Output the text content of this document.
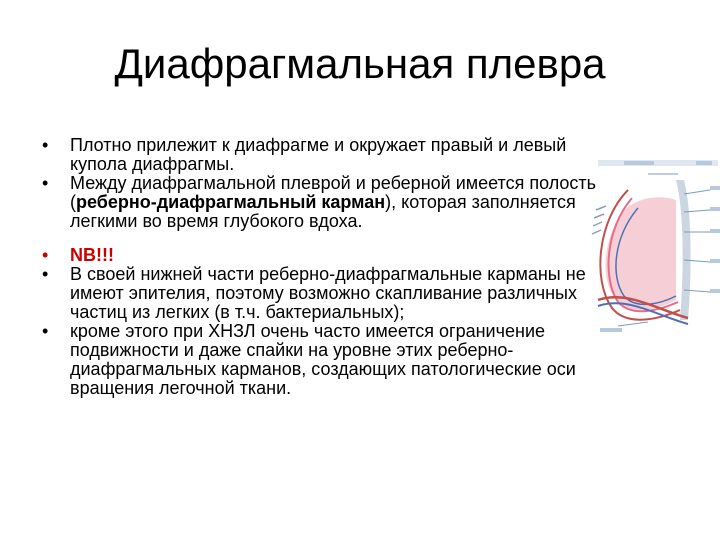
Диафрагмальная плевра
• Плотно прилежит к диафрагме и окружает правый и левый купола диафрагмы.
• Между диафрагмальной плеврой и реберной имеется полость (реберно-диафрагмальный карман), которая заполняется легкими во время глубокого вдоха.
• NB!!!
• В своей нижней части реберно-диафрагмальные карманы не имеют эпителия, поэтому возможно скапливание различных частиц из легких (в т.ч. бактериальных);
• кроме этого при ХНЗЛ очень часто имеется ограничение подвижности и даже спайки на уровне этих реберно-диафрагмальных карманов, создающих патологические оси вращения легочной ткани.
